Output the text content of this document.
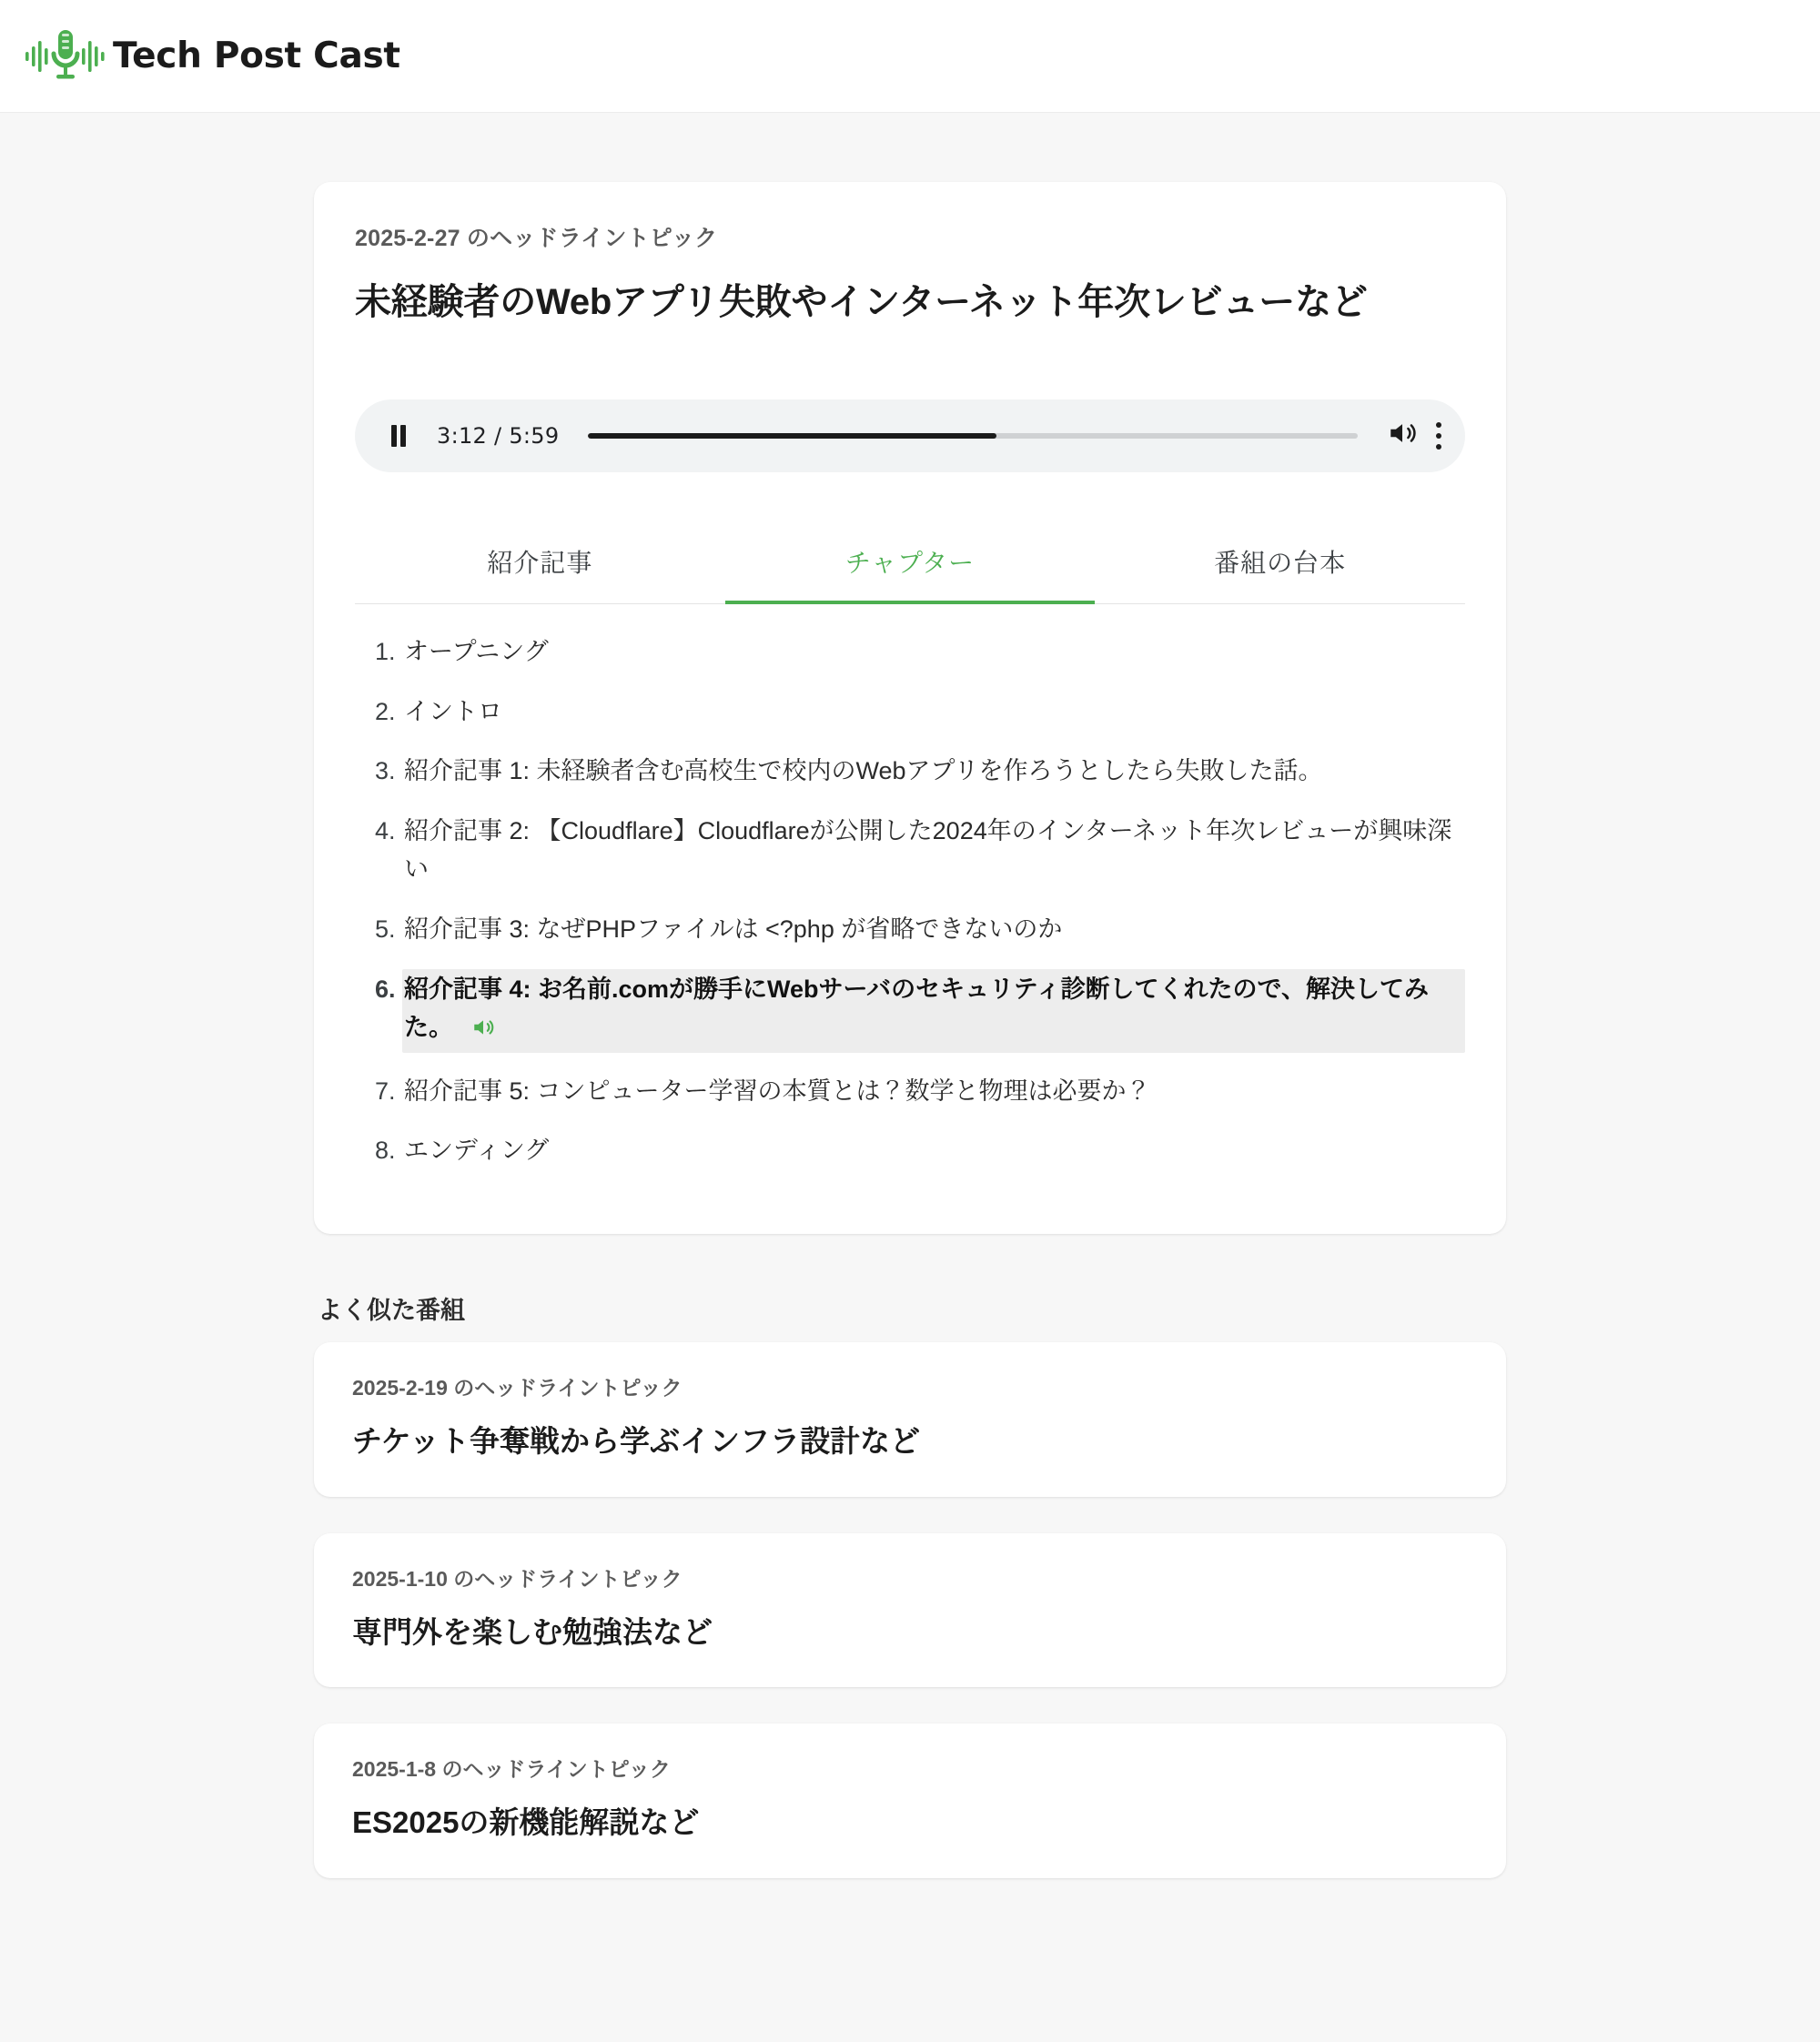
Tech Post Cast

2025-2-27 のヘッドライントピック

未経験者のWebアプリ失敗やインターネット年次レビューなど
3:12 / 5:59
紹介記事	チャプター	番組の台本
1. オープニング
2. イントロ
3. 紹介記事 1: 未経験者含む高校生で校内のWebアプリを作ろうとしたら失敗した話。
4. 紹介記事 2: 【Cloudflare】Cloudflareが公開した2024年のインターネット年次レビューが興味深い
5. 紹介記事 3: なぜPHPファイルは <?php が省略できないのか
6. 紹介記事 4: お名前.comが勝手にWebサーバのセキュリティ診断してくれたので、解決してみた。
7. 紹介記事 5: コンピューター学習の本質とは？数学と物理は必要か？
8. エンディング
よく似た番組

2025-2-19 のヘッドライントピック

チケット争奪戦から学ぶインフラ設計など

2025-1-10 のヘッドライントピック

専門外を楽しむ勉強法など

2025-1-8 のヘッドライントピック

ES2025の新機能解説など
